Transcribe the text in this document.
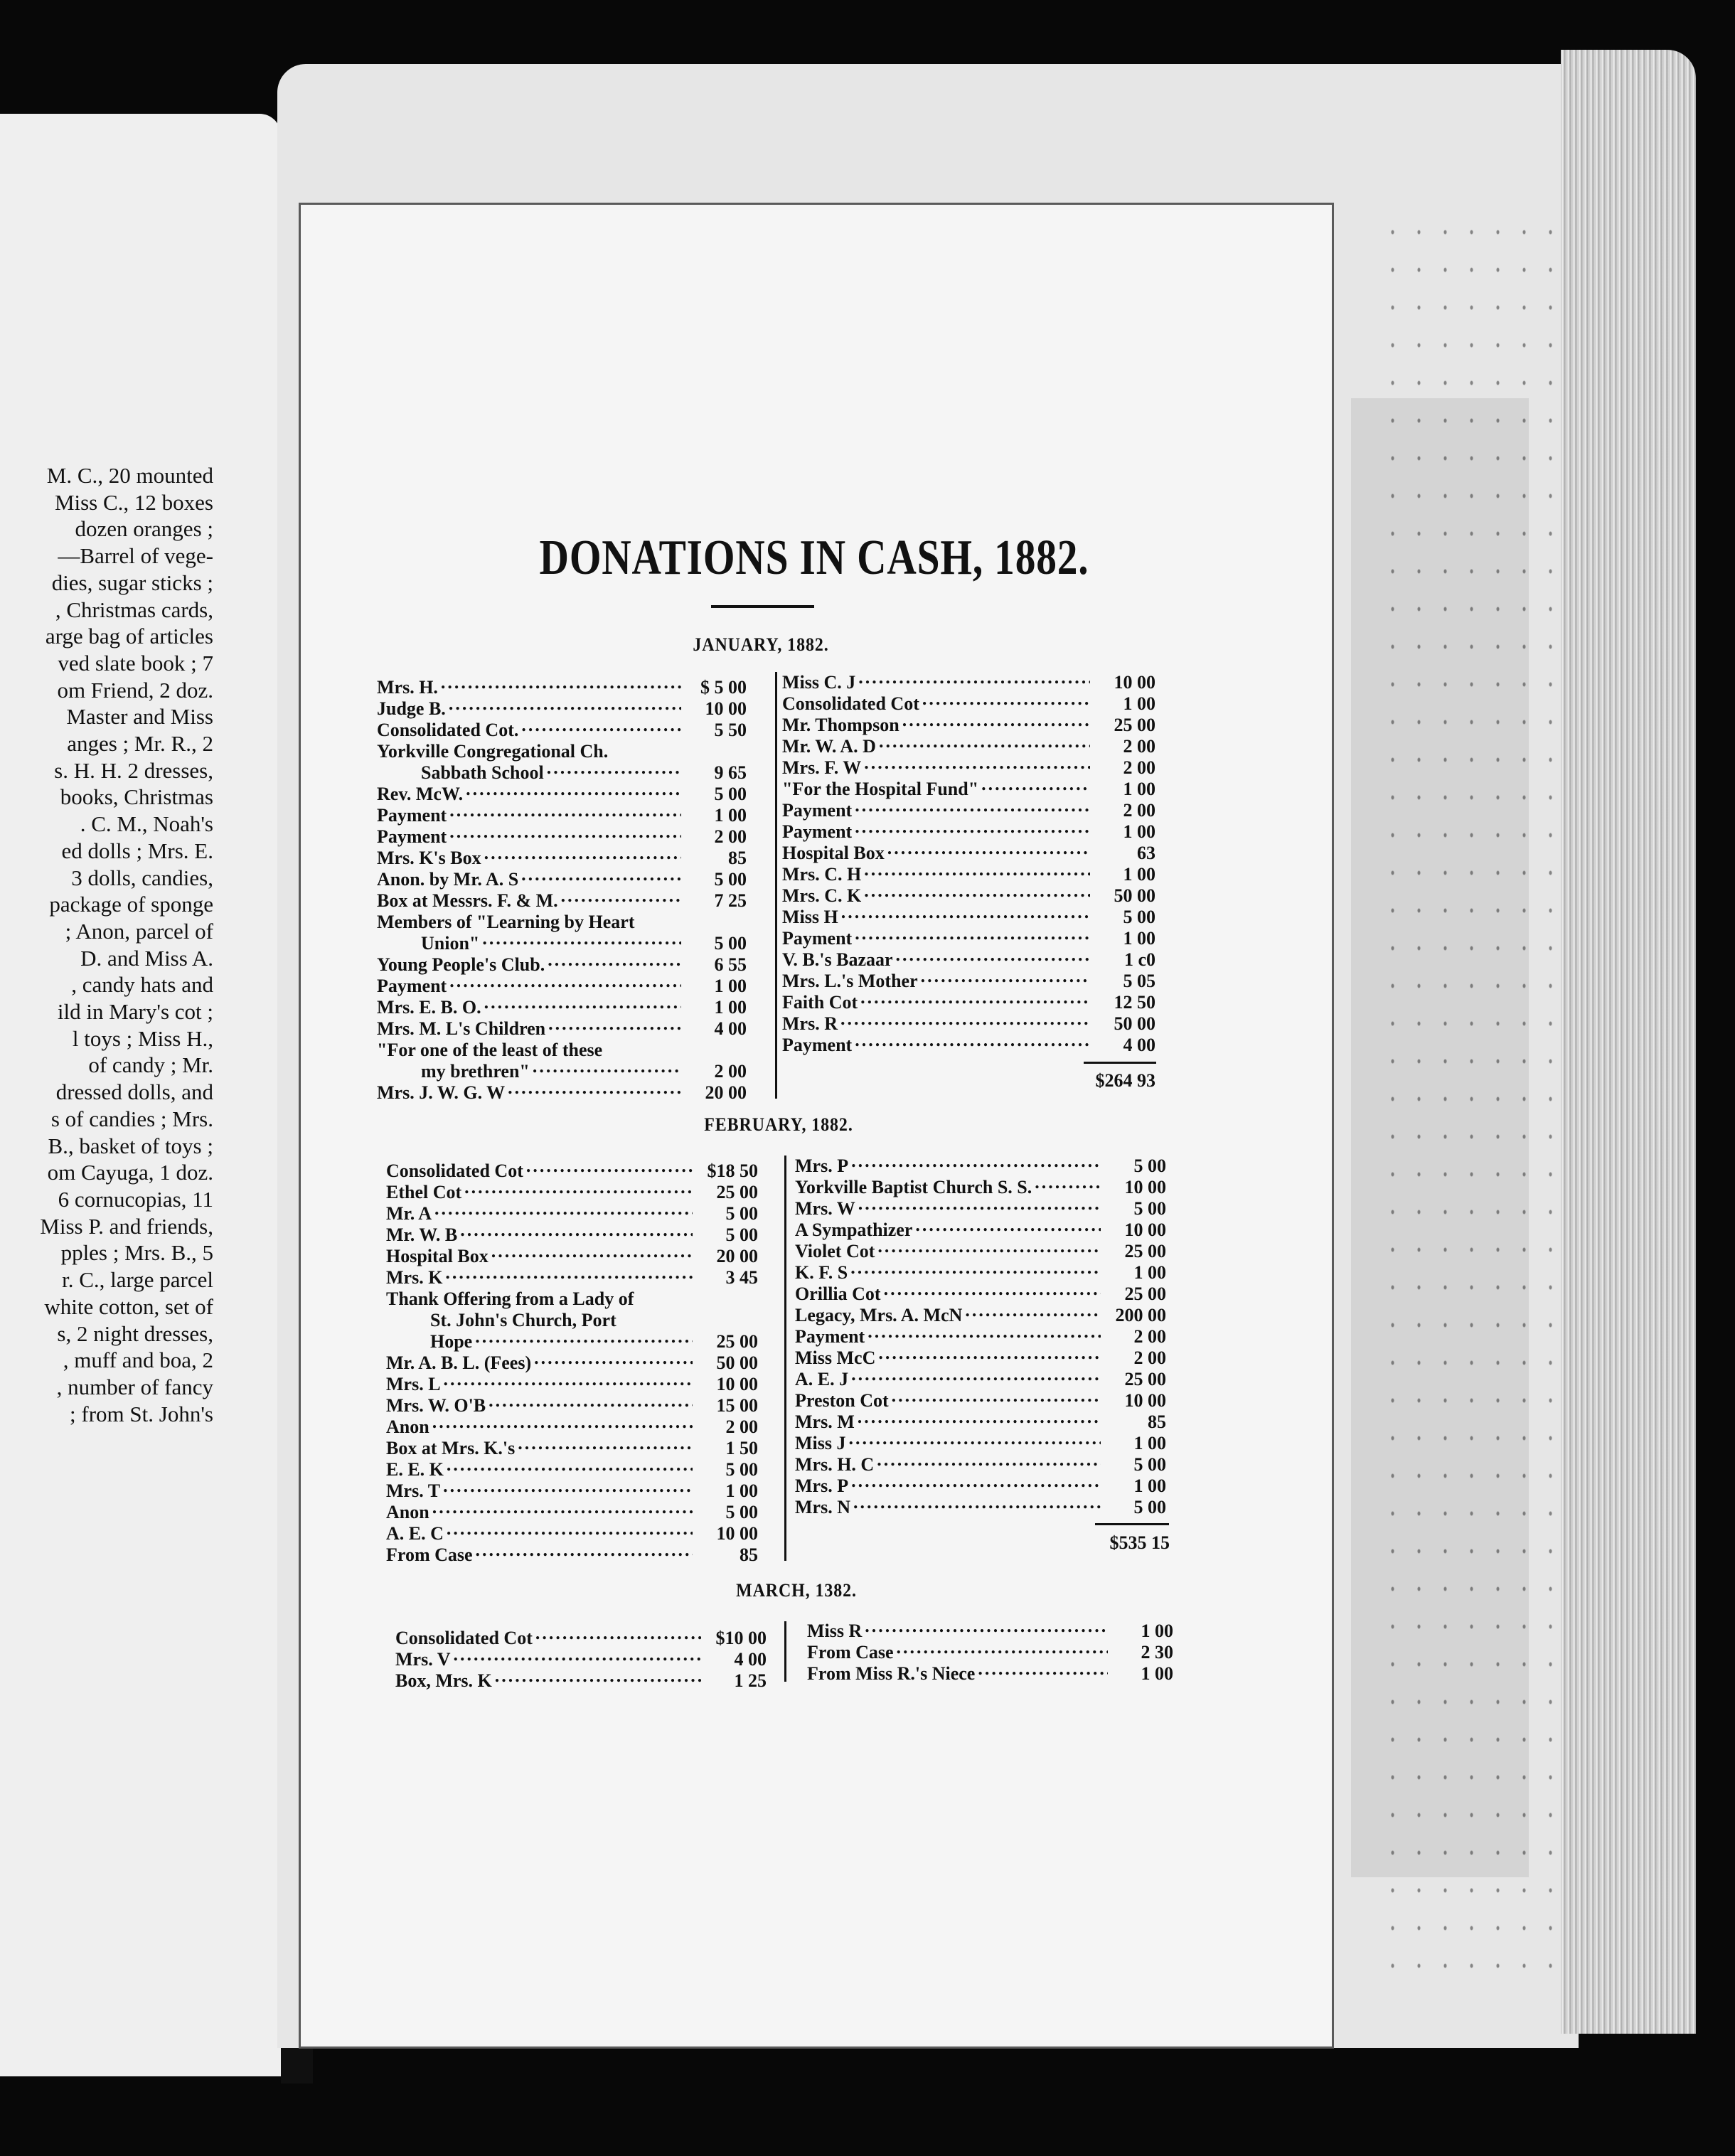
M. C., 20 mounted
Miss C., 12 boxes
dozen oranges ;
—Barrel of vege-
dies, sugar sticks ;
, Christmas cards,
arge bag of articles
ved slate book ; 7
om Friend, 2 doz.
Master and Miss
anges ; Mr. R., 2
s. H. H. 2 dresses,
books, Christmas
. C. M., Noah's
ed dolls ; Mrs. E.
3 dolls, candies,
package of sponge
; Anon, parcel of
D. and Miss A.
, candy hats and
ild in Mary's cot ;
l toys ; Miss H.,
of candy ; Mr.
dressed dolls, and
s of candies ; Mrs.
B., basket of toys ;
om Cayuga, 1 doz.
6 cornucopias, 11
Miss P. and friends,
pples ; Mrs. B., 5
r. C., large parcel
white cotton, set of
s, 2 night dresses,
, muff and boa, 2
, number of fancy
; from St. John's
DONATIONS IN CASH, 1882.
JANUARY, 1882.
Mrs. H. .....	$ 5 00
Judge B. .....	10 00
Consolidated Cot. .....	5 50
Yorkville Congregational Ch.
Sabbath School .....	9 65
Rev. McW. .....	5 00
Payment .....	1 00
Payment .....	2 00
Mrs. K's Box .....	85
Anon. by Mr. A. S .....	5 00
Box at Messrs. F. & M. .....	7 25
Members of "Learning by Heart
Union" .....	5 00
Young People's Club. .....	6 55
Payment .....	1 00
Mrs. E. B. O. .....	1 00
Mrs. M. L's Children .....	4 00
"For one of the least of these
my brethren" .....	2 00
Mrs. J. W. G. W .....	20 00
Miss C. J .....	10 00
Consolidated Cot .....	1 00
Mr. Thompson .....	25 00
Mr. W. A. D .....	2 00
Mrs. F. W .....	2 00
"For the Hospital Fund" .....	1 00
Payment .....	2 00
Payment .....	1 00
Hospital Box .....	63
Mrs. C. H .....	1 00
Mrs. C. K .....	50 00
Miss H .....	5 00
Payment .....	1 00
V. B.'s Bazaar .....	1 c0
Mrs. L.'s Mother .....	5 05
Faith Cot .....	12 50
Mrs. R .....	50 00
Payment .....	4 00
$264 93
FEBRUARY, 1882.
Consolidated Cot .....	$18 50
Ethel Cot .....	25 00
Mr. A .....	5 00
Mr. W. B .....	5 00
Hospital Box .....	20 00
Mrs. K .....	3 45
Thank Offering from a Lady of
St. John's Church, Port
Hope .....	25 00
Mr. A. B. L. (Fees) .....	50 00
Mrs. L .....	10 00
Mrs. W. O'B .....	15 00
Anon .....	2 00
Box at Mrs. K.'s .....	1 50
E. E. K .....	5 00
Mrs. T .....	1 00
Anon .....	5 00
A. E. C .....	10 00
From Case .....	85
Mrs. P .....	5 00
Yorkville Baptist Church S. S. .....	10 00
Mrs. W .....	5 00
A Sympathizer .....	10 00
Violet Cot .....	25 00
K. F. S .....	1 00
Orillia Cot .....	25 00
Legacy, Mrs. A. McN .....	200 00
Payment .....	2 00
Miss McC .....	2 00
A. E. J .....	25 00
Preston Cot .....	10 00
Mrs. M .....	85
Miss J .....	1 00
Mrs. H. C .....	5 00
Mrs. P .....	1 00
Mrs. N .....	5 00
$535 15
MARCH, 1382.
Consolidated Cot .....	$10 00
Mrs. V .....	4 00
Box, Mrs. K .....	1 25
Miss R .....	1 00
From Case .....	2 30
From Miss R.'s Niece .....	1 00
